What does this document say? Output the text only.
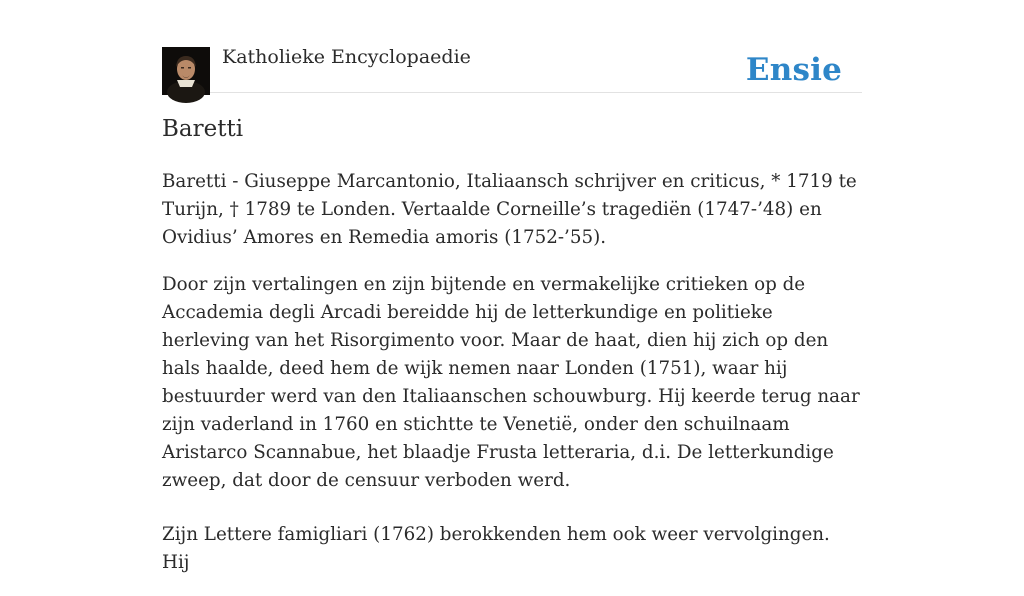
Katholieke Encyclopaedie	Ensie
Baretti

Baretti - Giuseppe Marcantonio, Italiaansch schrijver en criticus, * 1719 te Turijn, † 1789 te Londen. Vertaalde Corneille’s tragediën (1747-’48) en Ovidius’ Amores en Remedia amoris (1752-’55).

Door zijn vertalingen en zijn bijtende en vermakelijke critieken op de Accademia degli Arcadi bereidde hij de letterkundige en politieke herleving van het Risorgimento voor. Maar de haat, dien hij zich op den hals haalde, deed hem de wijk nemen naar Londen (1751), waar hij bestuurder werd van den Italiaanschen schouwburg. Hij keerde terug naar zijn vaderland in 1760 en stichtte te Venetië, onder den schuilnaam Aristarco Scannabue, het blaadje Frusta letteraria, d.i. De letterkundige zweep, dat door de censuur verboden werd.

Zijn Lettere famigliari (1762) berokkenden hem ook weer vervolgingen. Hij
